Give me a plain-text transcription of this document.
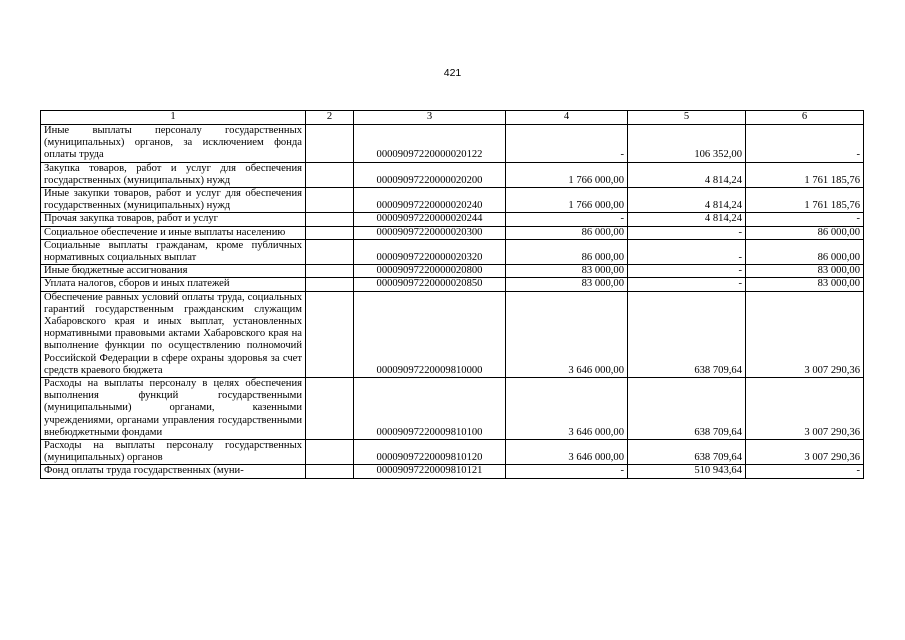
421
1	2	3	4	5	6
Иные выплаты персоналу государственных (муниципальных) органов, за исключением фонда оплаты труда		00009097220000020122	-	106 352,00	-
Закупка товаров, работ и услуг для обеспечения государственных (муниципальных) нужд		00009097220000020200	1 766 000,00	4 814,24	1 761 185,76
Иные закупки товаров, работ и услуг для обеспечения государственных (муниципальных) нужд		00009097220000020240	1 766 000,00	4 814,24	1 761 185,76
Прочая закупка товаров, работ и услуг		00009097220000020244	-	4 814,24	-
Социальное обеспечение и иные выплаты населению		00009097220000020300	86 000,00	-	86 000,00
Социальные выплаты гражданам, кроме публичных нормативных социальных выплат		00009097220000020320	86 000,00	-	86 000,00
Иные бюджетные ассигнования		00009097220000020800	83 000,00	-	83 000,00
Уплата налогов, сборов и иных платежей		00009097220000020850	83 000,00	-	83 000,00
Обеспечение равных условий оплаты труда, социальных гарантий государственным гражданским служащим Хабаровского края и иных выплат, установленных нормативными правовыми актами Хабаровского края на выполнение функции по осуществлению полномочий Российской Федерации в сфере охраны здоровья за счет средств краевого бюджета		00009097220009810000	3 646 000,00	638 709,64	3 007 290,36
Расходы на выплаты персоналу в целях обеспечения выполнения функций государственными (муниципальными) органами, казенными учреждениями, органами управления государственными внебюджетными фондами		00009097220009810100	3 646 000,00	638 709,64	3 007 290,36
Расходы на выплаты персоналу государственных (муниципальных) органов		00009097220009810120	3 646 000,00	638 709,64	3 007 290,36
Фонд оплаты труда государственных (муни-		00009097220009810121	-	510 943,64	-
